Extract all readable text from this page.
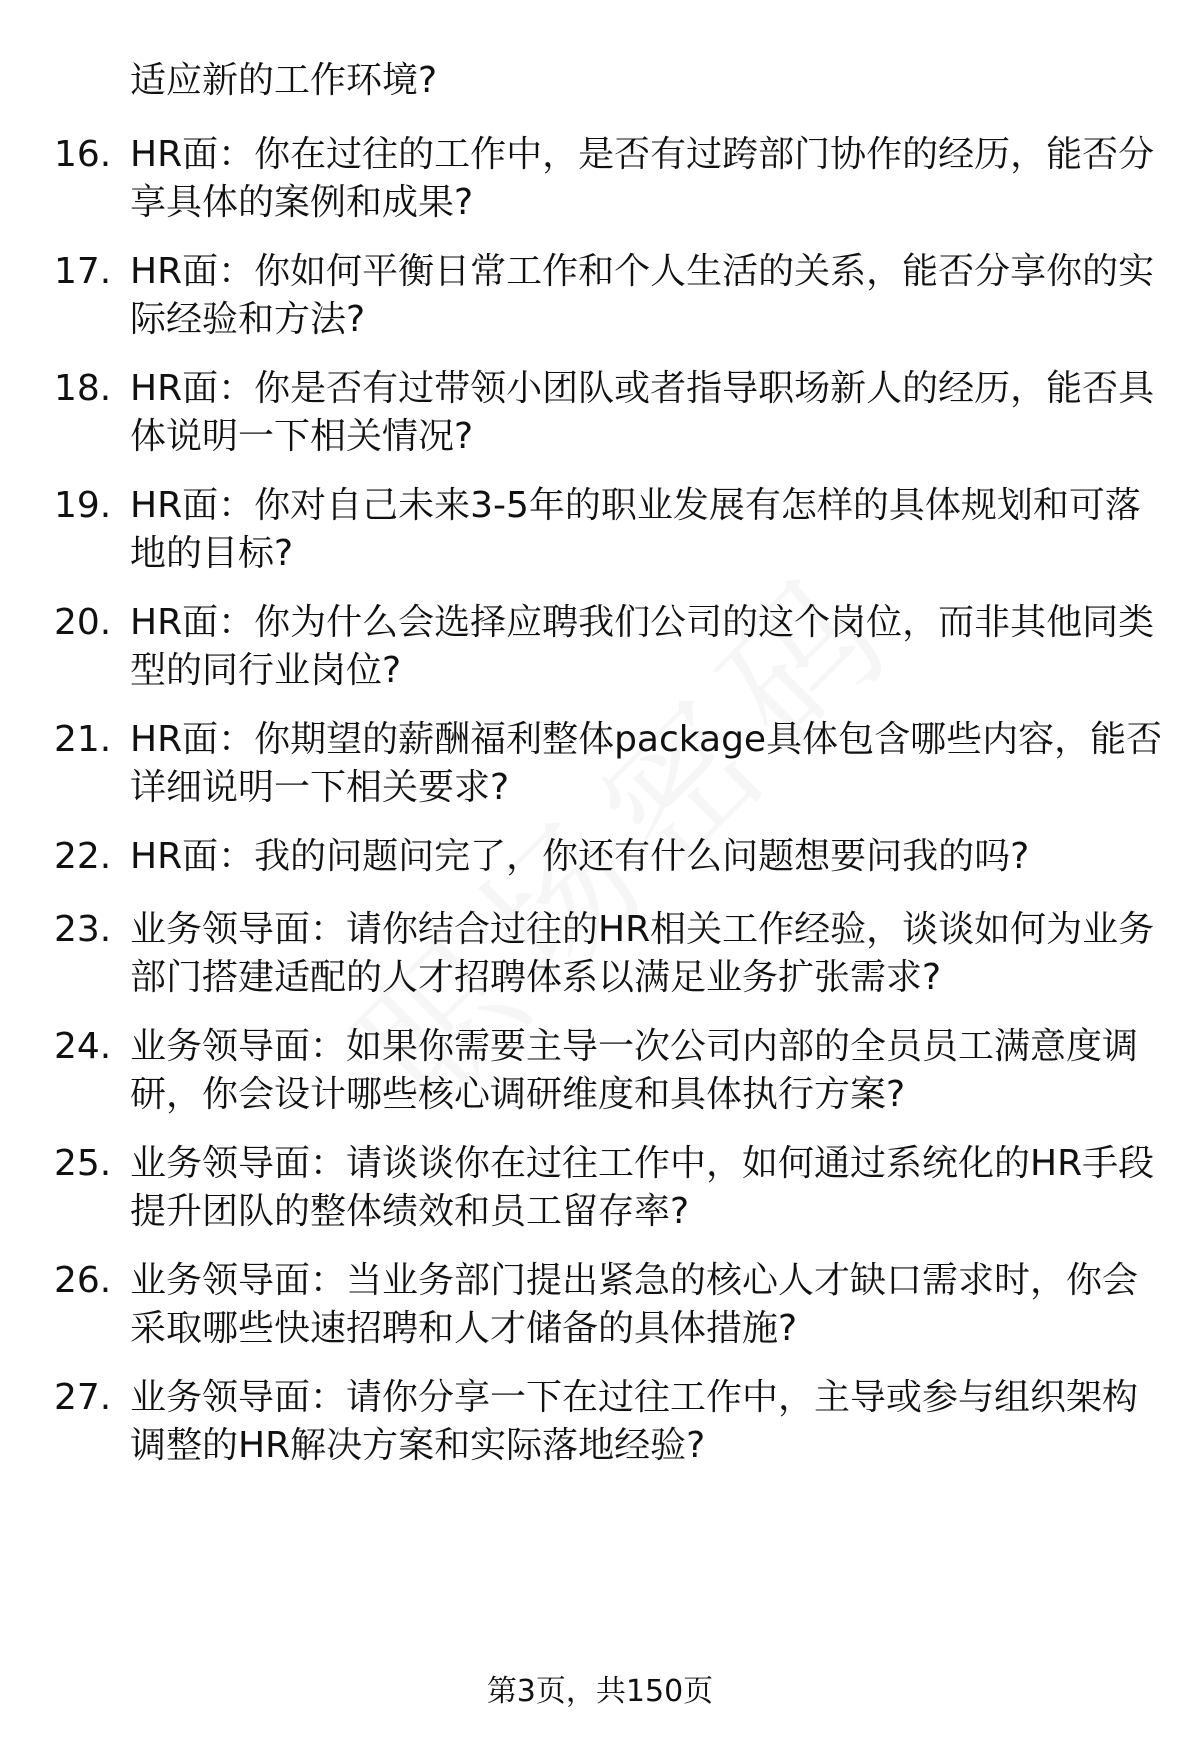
适应新的工作环境?
16. HR面：你在过往的工作中，是否有过跨部门协作的经历，能否分
享具体的案例和成果?
17. HR面：你如何平衡日常工作和个人生活的关系，能否分享你的实
际经验和方法?
18. HR面：你是否有过带领小团队或者指导职场新人的经历，能否具
体说明一下相关情况?
19. HR面：你对自己未来3-5年的职业发展有怎样的具体规划和可落
地的目标?
20. HR面：你为什么会选择应聘我们公司的这个岗位，而非其他同类
型的同行业岗位?
21. HR面：你期望的薪酬福利整体package具体包含哪些内容，能否
详细说明一下相关要求?
22. HR面：我的问题问完了，你还有什么问题想要问我的吗?
23. 业务领导面：请你结合过往的HR相关工作经验，谈谈如何为业务
部门搭建适配的人才招聘体系以满足业务扩张需求?
24. 业务领导面：如果你需要主导一次公司内部的全员员工满意度调
研，你会设计哪些核心调研维度和具体执行方案?
25. 业务领导面：请谈谈你在过往工作中，如何通过系统化的HR手段
提升团队的整体绩效和员工留存率?
26. 业务领导面：当业务部门提出紧急的核心人才缺口需求时，你会
采取哪些快速招聘和人才储备的具体措施?
27. 业务领导面：请你分享一下在过往工作中，主导或参与组织架构
调整的HR解决方案和实际落地经验?
第3页，共150页
